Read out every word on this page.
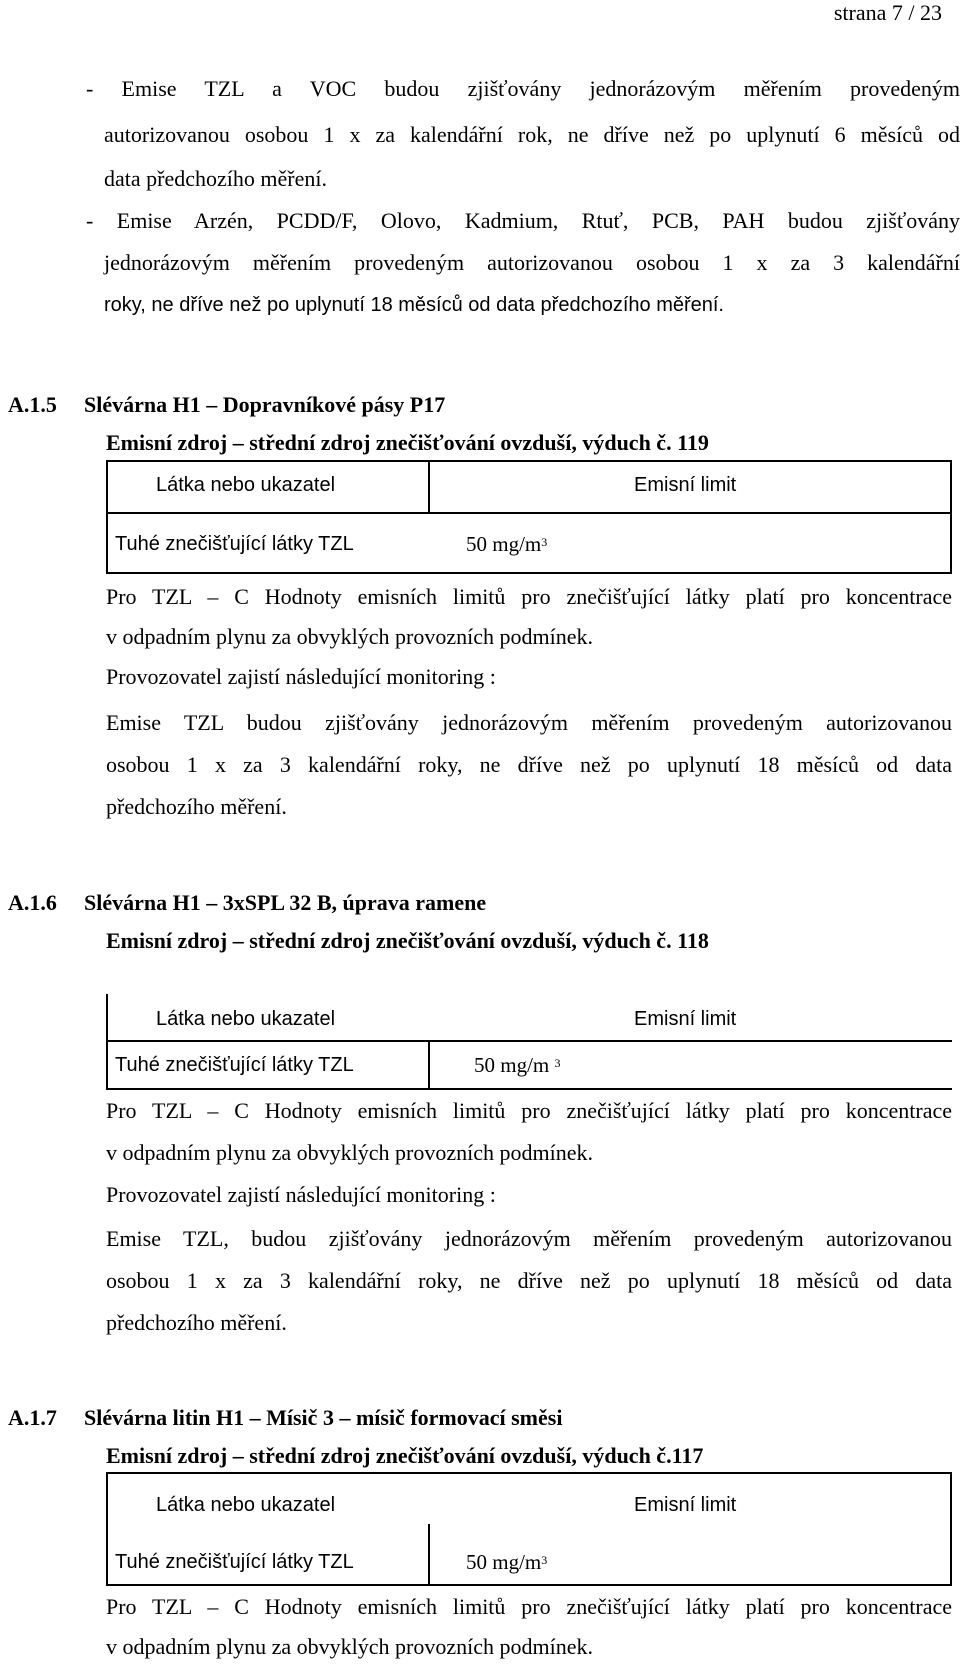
strana 7 / 23
- Emise TZL a VOC budou zjišťovány jednorázovým měřením provedeným
autorizovanou osobou 1 x za kalendářní rok, ne dříve než po uplynutí 6 měsíců od
data předchozího měření.
- Emise Arzén, PCDD/F, Olovo, Kadmium, Rtuť, PCB, PAH budou zjišťovány
jednorázovým měřením provedeným autorizovanou osobou 1 x za 3 kalendářní
roky, ne dříve než po uplynutí 18 měsíců od data předchozího měření.
A.1.5 Slévárna H1 – Dopravníkové pásy P17
Emisní zdroj – střední zdroj znečišťování ovzduší, výduch č. 119
Látka nebo ukazatel	Emisní limit
Tuhé znečišťující látky TZL	50 $mg/m^3$
Pro TZL – C Hodnoty emisních limitů pro znečišťující látky platí pro koncentrace
v odpadním plynu za obvyklých provozních podmínek.
Provozovatel zajistí následující monitoring :
Emise TZL budou zjišťovány jednorázovým měřením provedeným autorizovanou
osobou 1 x za 3 kalendářní roky, ne dříve než po uplynutí 18 měsíců od data
předchozího měření.
A.1.6 Slévárna H1 – 3xSPL 32 B, úprava ramene
Emisní zdroj – střední zdroj znečišťování ovzduší, výduch č. 118
Látka nebo ukazatel	Emisní limit
Tuhé znečišťující látky TZL	50 mg/m $^3$
Pro TZL – C Hodnoty emisních limitů pro znečišťující látky platí pro koncentrace
v odpadním plynu za obvyklých provozních podmínek.
Provozovatel zajistí následující monitoring :
Emise TZL, budou zjišťovány jednorázovým měřením provedeným autorizovanou
osobou 1 x za 3 kalendářní roky, ne dříve než po uplynutí 18 měsíců od data
předchozího měření.
A.1.7 Slévárna litin H1 – Mísič 3 – mísič formovací směsi
Emisní zdroj – střední zdroj znečišťování ovzduší, výduch č.117
Látka nebo ukazatel	Emisní limit
Tuhé znečišťující látky TZL	50 $mg/m^3$
Pro TZL – C Hodnoty emisních limitů pro znečišťující látky platí pro koncentrace
v odpadním plynu za obvyklých provozních podmínek.
